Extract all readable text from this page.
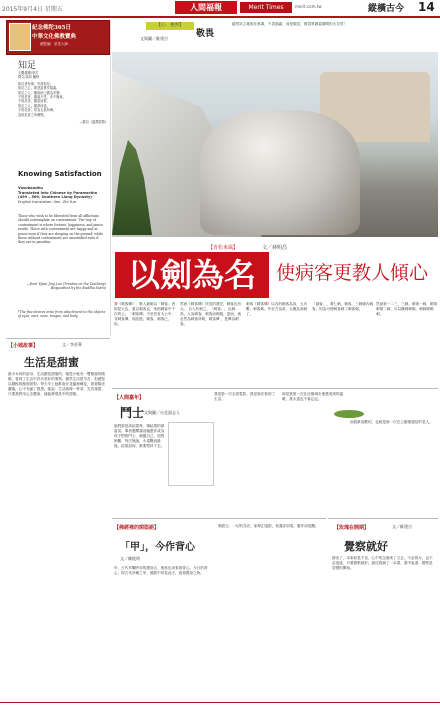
2015年9月4日 星期五	人間福報	Merit Times	merit.com.tw	縱橫古今 14
紀念佛陀365日
中華文化佛教寶典
總監編：星雲大師
知足
天獨慈禪/李苦
譯文/黃邦 戴時
知足者有德，安命知足；
知足之心，即是富貴安隱處。
知足之人，雖臥地上猶為安樂；
不知足者，雖處天堂，亦不稱意。
不知足者，雖富而貧。
知足之人，雖貧而富。
不知足者，常為五欲所牽。
為知足者之所憐愍。
—節自《遺教經贊》
Knowing Satisfaction
Vasubandhu
Translated into Chinese by Paramartha (499 – 569, Southern Liang Dynasty)
English translation: Ven. Zhi Yue
Those who wish to be liberated from all afflictions should contemplate on contentment. The way of contentment is where fortune, happiness, and peace reside. Those with contentment are happy and at peace even if they are sleeping on the ground; while those without contentment are unsatisfied even if they are in paradise.
—from Yijiao Jing Lun (Treatise on the Teachings Bequeathed by the Buddha Sutra)
*The five desires arise from attachment to the objects of eyes, ears, nose, tongue, and body.
【心．視界】
文與圖／歐建吉	敬畏
絕然站立地收在承霧，不畏風霜，而是敬畏，敬畏寧靜素靜間的大自然！
【青松來風】	文／林明昌
以劍為名	使病客更教人傾心
我《刺客傳》，吸人最刺以「刺客」者即是大也，重以刺客也，來指刺客中千次的公。「刺客傳」不至其有大公中，非刺客傳，再改進。刺客，刺客已，但。
然而《刺客傳》所述的漂亮，刺客也有大。 自人有刺之。「刺客」，也刺：高，人為刺客，刺客而刺殺，更而，就必然為刺客所刺，刺客傳 ，是傳為刺客。
刺客《刺客傳》以內的刺客為高，大多數，刺客刺。外至方為高，大概為高刺了。
「滅客」，要七刺，刺客，三刺刺內刺客，因為可使刺客刺了刺客刺。
然而第一二三，三刺。刺第一刺，刺第刺第二刺，可以擁刺刺刺，刺刺刺刺刺。
【小城故事】	文／李晉華
生活是甜蜜
最小女孩的祖母，生活總是甜蜜的。她從小就有一雙敏銳的眼睛，看到了生活中許多美好的事物。雖然生活很辛苦，但總是以積極的態度面對。每天早上她都會在花園裡種花，看著陽光灑落，心中充滿了感恩。她說：生活就像一杯茶，先苦後甜。只要我們用心去體會，就能發現其中的甜蜜。
【人間嘉年】
鬥士 文與圖／台北邵志人
她們那是高結果每，筆結果的被當高。筆者選擇讓這幅畫作成為孩子們的鬥士，刺激自己，面對困難，每次無論，永遠戰到最後。結果如何，都要堅持下去。
我是第一次去看電影，我是那次看到了生活。
那是我第一次在這個城市裡感受到的溫暖，我永遠也不會忘記。
而我最喜歡的，也就是那一次在公園裡遇見的老人。
【佛經裡的閑盜語】
「甲」，今作背心
文／陳俊明
甲，古代作戰時穿的護身衣，後來也用來指背心。今日的背心，即古代所稱之甲。佛經中常見此字，意指護身之物。
佛經云：一切有為法，如夢幻泡影，如露亦如電，應作如是觀。	【玫瑰在開期】	文／歐建吉
覺察就好
靜坐了，本來如是不見，心中的念頭來了又去，不必排斥，也不必追逐，只要覺察就好。最近我讀了一本書，書中說道：覺察是智慧的開始。
